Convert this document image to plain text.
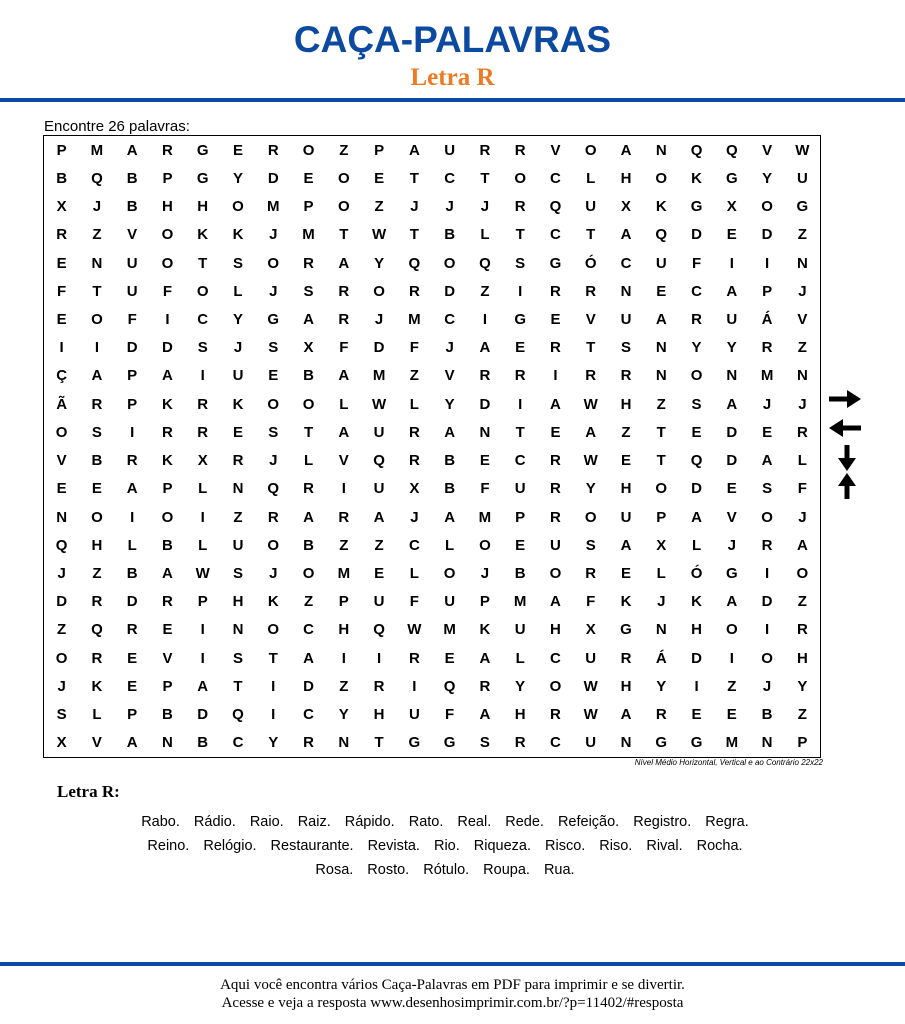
CAÇA-PALAVRAS
Letra R
Encontre 26 palavras:
P	M	A	R	G	E	R	O	Z	P	A	U	R	R	V	O	A	N	Q	Q	V	W
B	Q	B	P	G	Y	D	E	O	E	T	C	T	O	C	L	H	O	K	G	Y	U
X	J	B	H	H	O	M	P	O	Z	J	J	J	R	Q	U	X	K	G	X	O	G
R	Z	V	O	K	K	J	M	T	W	T	B	L	T	C	T	A	Q	D	E	D	Z
E	N	U	O	T	S	O	R	A	Y	Q	O	Q	S	G	Ó	C	U	F	I	I	N
F	T	U	F	O	L	J	S	R	O	R	D	Z	I	R	R	N	E	C	A	P	J
E	O	F	I	C	Y	G	A	R	J	M	C	I	G	E	V	U	A	R	U	Á	V
I	I	D	D	S	J	S	X	F	D	F	J	A	E	R	T	S	N	Y	Y	R	Z
Ç	A	P	A	I	U	E	B	A	M	Z	V	R	R	I	R	R	N	O	N	M	N
Ã	R	P	K	R	K	O	O	L	W	L	Y	D	I	A	W	H	Z	S	A	J	J
O	S	I	R	R	E	S	T	A	U	R	A	N	T	E	A	Z	T	E	D	E	R
V	B	R	K	X	R	J	L	V	Q	R	B	E	C	R	W	E	T	Q	D	A	L
E	E	A	P	L	N	Q	R	I	U	X	B	F	U	R	Y	H	O	D	E	S	F
N	O	I	O	I	Z	R	A	R	A	J	A	M	P	R	O	U	P	A	V	O	J
Q	H	L	B	L	U	O	B	Z	Z	C	L	O	E	U	S	A	X	L	J	R	A
J	Z	B	A	W	S	J	O	M	E	L	O	J	B	O	R	E	L	Ó	G	I	O
D	R	D	R	P	H	K	Z	P	U	F	U	P	M	A	F	K	J	K	A	D	Z
Z	Q	R	E	I	N	O	C	H	Q	W	M	K	U	H	X	G	N	H	O	I	R
O	R	E	V	I	S	T	A	I	I	R	E	A	L	C	U	R	Á	D	I	O	H
J	K	E	P	A	T	I	D	Z	R	I	Q	R	Y	O	W	H	Y	I	Z	J	Y
S	L	P	B	D	Q	I	C	Y	H	U	F	A	H	R	W	A	R	E	E	B	Z
X	V	A	N	B	C	Y	R	N	T	G	G	S	R	C	U	N	G	G	M	N	P
Nível Médio Horizontal, Vertical e ao Contrário 22x22
Letra R:
Rabo. Rádio. Raio. Raiz. Rápido. Rato. Real. Rede. Refeição. Registro. Regra.
Reino. Relógio. Restaurante. Revista. Rio. Riqueza. Risco. Riso. Rival. Rocha.
Rosa. Rosto. Rótulo. Roupa. Rua.
Aqui você encontra vários Caça-Palavras em PDF para imprimir e se divertir.
Acesse e veja a resposta www.desenhosimprimir.com.br/?p=11402/#resposta
